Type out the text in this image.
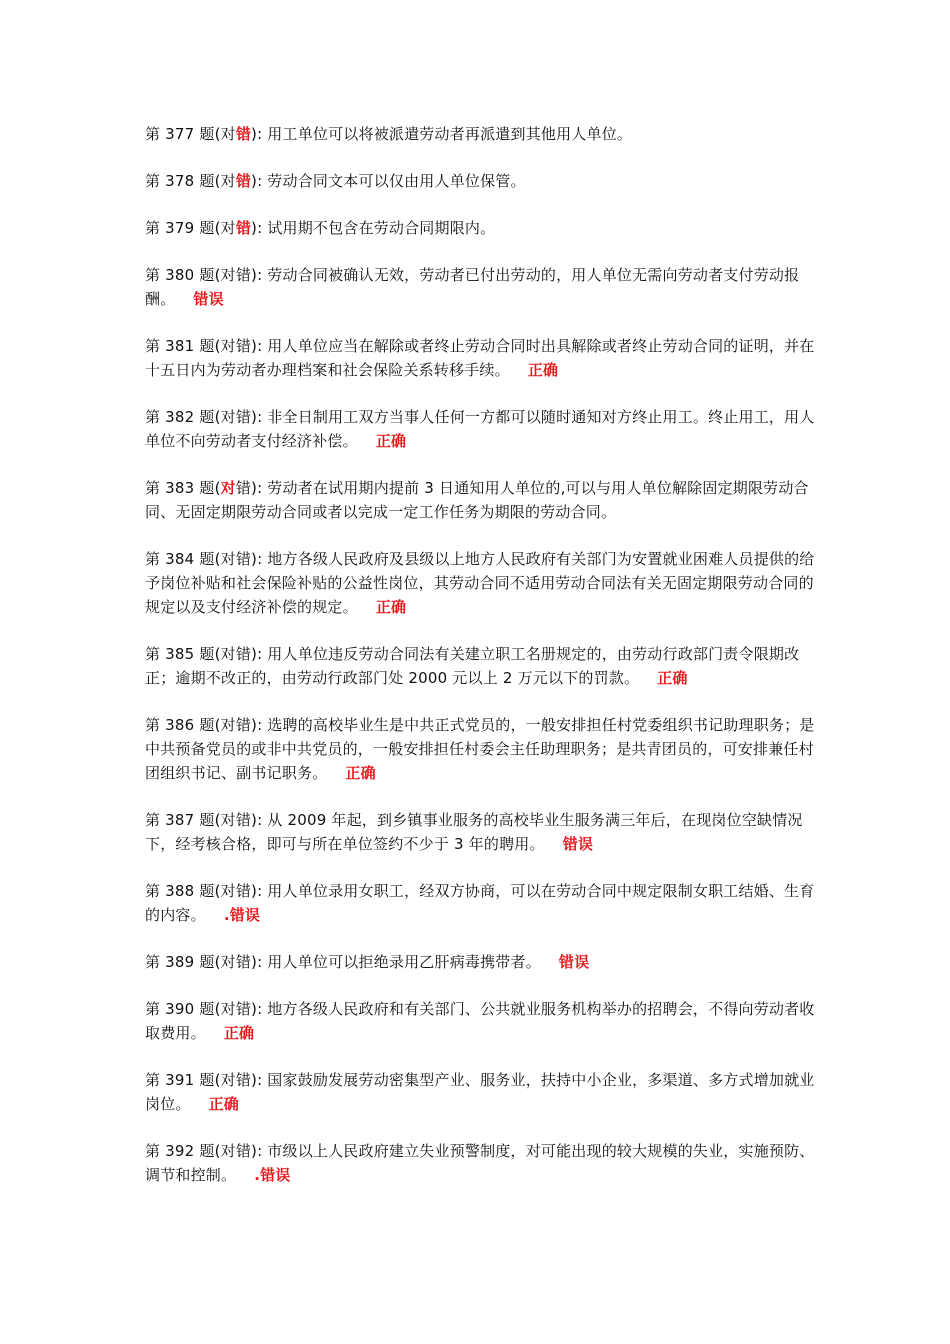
第 377 题(对错): 用工单位可以将被派遣劳动者再派遣到其他用人单位。

第 378 题(对错): 劳动合同文本可以仅由用人单位保管。

第 379 题(对错): 试用期不包含在劳动合同期限内。

第 380 题(对错): 劳动合同被确认无效，劳动者已付出劳动的，用人单位无需向劳动者支付劳动报酬。 错误

第 381 题(对错): 用人单位应当在解除或者终止劳动合同时出具解除或者终止劳动合同的证明，并在十五日内为劳动者办理档案和社会保险关系转移手续。 正确

第 382 题(对错): 非全日制用工双方当事人任何一方都可以随时通知对方终止用工。终止用工，用人单位不向劳动者支付经济补偿。 正确

第 383 题(对错): 劳动者在试用期内提前 3 日通知用人单位的,可以与用人单位解除固定期限劳动合同、无固定期限劳动合同或者以完成一定工作任务为期限的劳动合同。

第 384 题(对错): 地方各级人民政府及县级以上地方人民政府有关部门为安置就业困难人员提供的给予岗位补贴和社会保险补贴的公益性岗位，其劳动合同不适用劳动合同法有关无固定期限劳动合同的规定以及支付经济补偿的规定。 正确

第 385 题(对错): 用人单位违反劳动合同法有关建立职工名册规定的，由劳动行政部门责令限期改正；逾期不改正的，由劳动行政部门处 2000 元以上 2 万元以下的罚款。 正确

第 386 题(对错): 选聘的高校毕业生是中共正式党员的，一般安排担任村党委组织书记助理职务；是中共预备党员的或非中共党员的，一般安排担任村委会主任助理职务；是共青团员的，可安排兼任村团组织书记、副书记职务。 正确

第 387 题(对错): 从 2009 年起，到乡镇事业服务的高校毕业生服务满三年后，在现岗位空缺情况下，经考核合格，即可与所在单位签约不少于 3 年的聘用。 错误

第 388 题(对错): 用人单位录用女职工，经双方协商，可以在劳动合同中规定限制女职工结婚、生育的内容。 .错误

第 389 题(对错): 用人单位可以拒绝录用乙肝病毒携带者。 错误

第 390 题(对错): 地方各级人民政府和有关部门、公共就业服务机构举办的招聘会，不得向劳动者收取费用。 正确

第 391 题(对错): 国家鼓励发展劳动密集型产业、服务业，扶持中小企业，多渠道、多方式增加就业岗位。 正确

第 392 题(对错): 市级以上人民政府建立失业预警制度，对可能出现的较大规模的失业，实施预防、调节和控制。 .错误
